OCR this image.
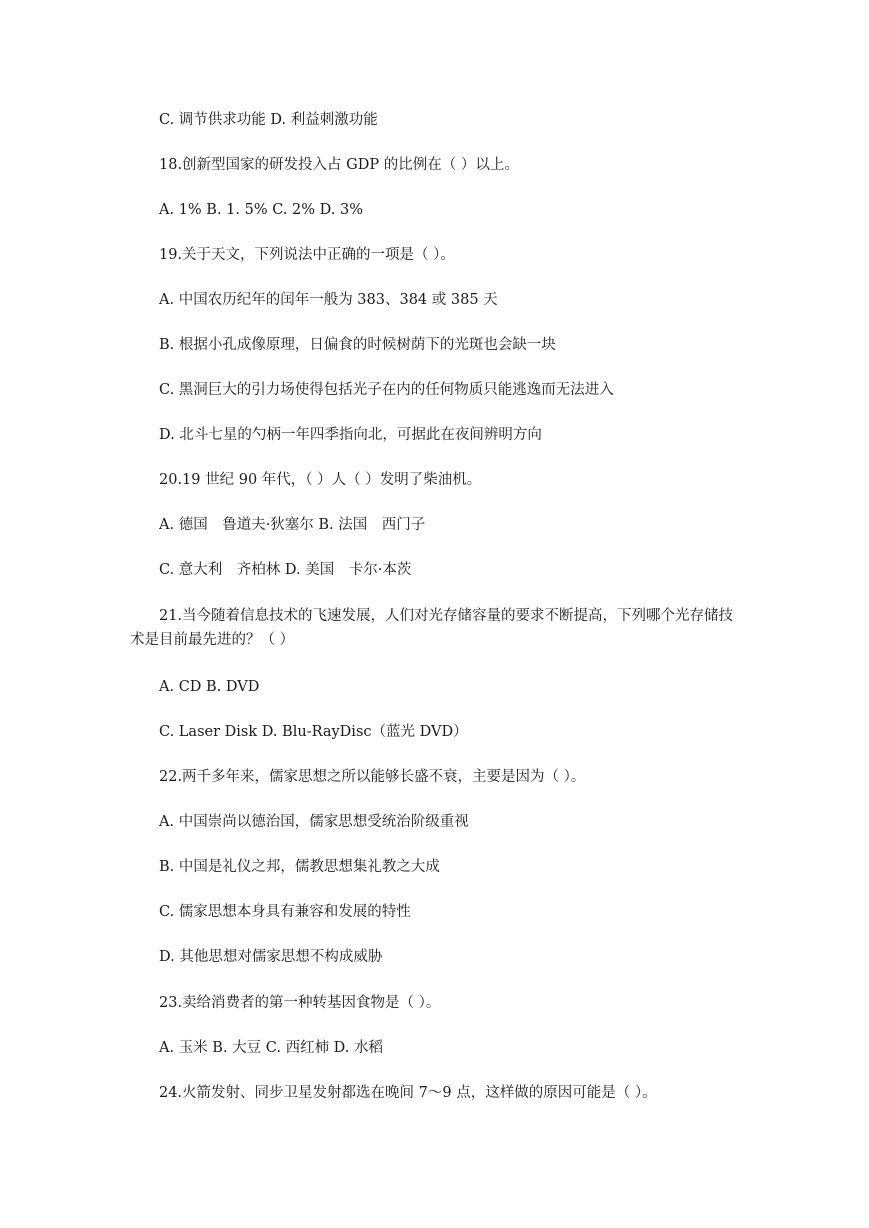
C. 调节供求功能 D. 利益刺激功能

18.创新型国家的研发投入占 GDP 的比例在（ ）以上。

A. 1% B. 1. 5% C. 2% D. 3%

19.关于天文，下列说法中正确的一项是（ ）。

A. 中国农历纪年的闰年一般为 383、384 或 385 天

B. 根据小孔成像原理，日偏食的时候树荫下的光斑也会缺一块

C. 黑洞巨大的引力场使得包括光子在内的任何物质只能逃逸而无法进入

D. 北斗七星的勺柄一年四季指向北，可据此在夜间辨明方向

20.19 世纪 90 年代，（ ）人（ ）发明了柴油机。

A. 德国　鲁道夫·狄塞尔 B. 法国　西门子

C. 意大利　齐柏林 D. 美国　卡尔·本茨

21.当今随着信息技术的飞速发展，人们对光存储容量的要求不断提高，下列哪个光存储技术是目前最先进的？（ ）

A. CD B. DVD

C. Laser Disk D. Blu-RayDisc（蓝光 DVD）

22.两千多年来，儒家思想之所以能够长盛不衰，主要是因为（ ）。

A. 中国崇尚以德治国，儒家思想受统治阶级重视

B. 中国是礼仪之邦，儒教思想集礼教之大成

C. 儒家思想本身具有兼容和发展的特性

D. 其他思想对儒家思想不构成威胁

23.卖给消费者的第一种转基因食物是（ ）。

A. 玉米 B. 大豆 C. 西红柿 D. 水稻

24.火箭发射、同步卫星发射都选在晚间 7～9 点，这样做的原因可能是（ ）。
